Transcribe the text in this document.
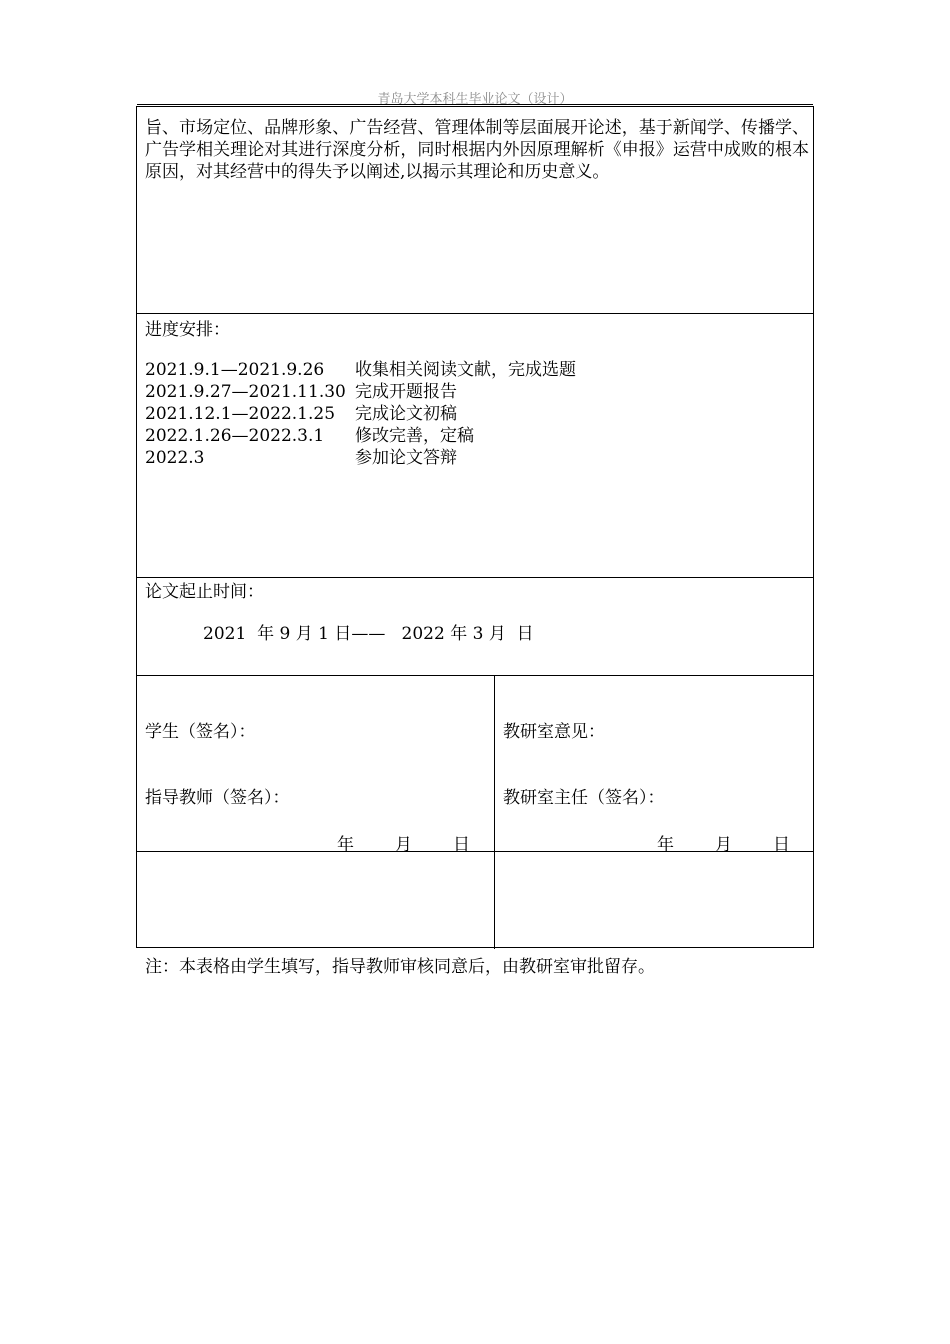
青岛大学本科生毕业论文（设计）
旨、市场定位、品牌形象、广告经营、管理体制等层面展开论述，基于新闻学、传播学、广告学相关理论对其进行深度分析，同时根据内外因原理解析《申报》运营中成败的根本原因，对其经营中的得失予以阐述,以揭示其理论和历史意义。
进度安排：
2021.9.1—2021.9.26 收集相关阅读文献，完成选题
2021.9.27—2021.11.30 完成开题报告
2021.12.1—2022.1.25 完成论文初稿
2022.1.26—2022.3.1 修改完善，定稿
2022.3	参加论文答辩
论文起止时间：
2021  年 9 月 1 日——   2022 年 3 月  日
学生（签名）：
指导教师（签名）：
年 月 日
教研室意见：
教研室主任（签名）：
年 月 日
注：本表格由学生填写，指导教师审核同意后，由教研室审批留存。
